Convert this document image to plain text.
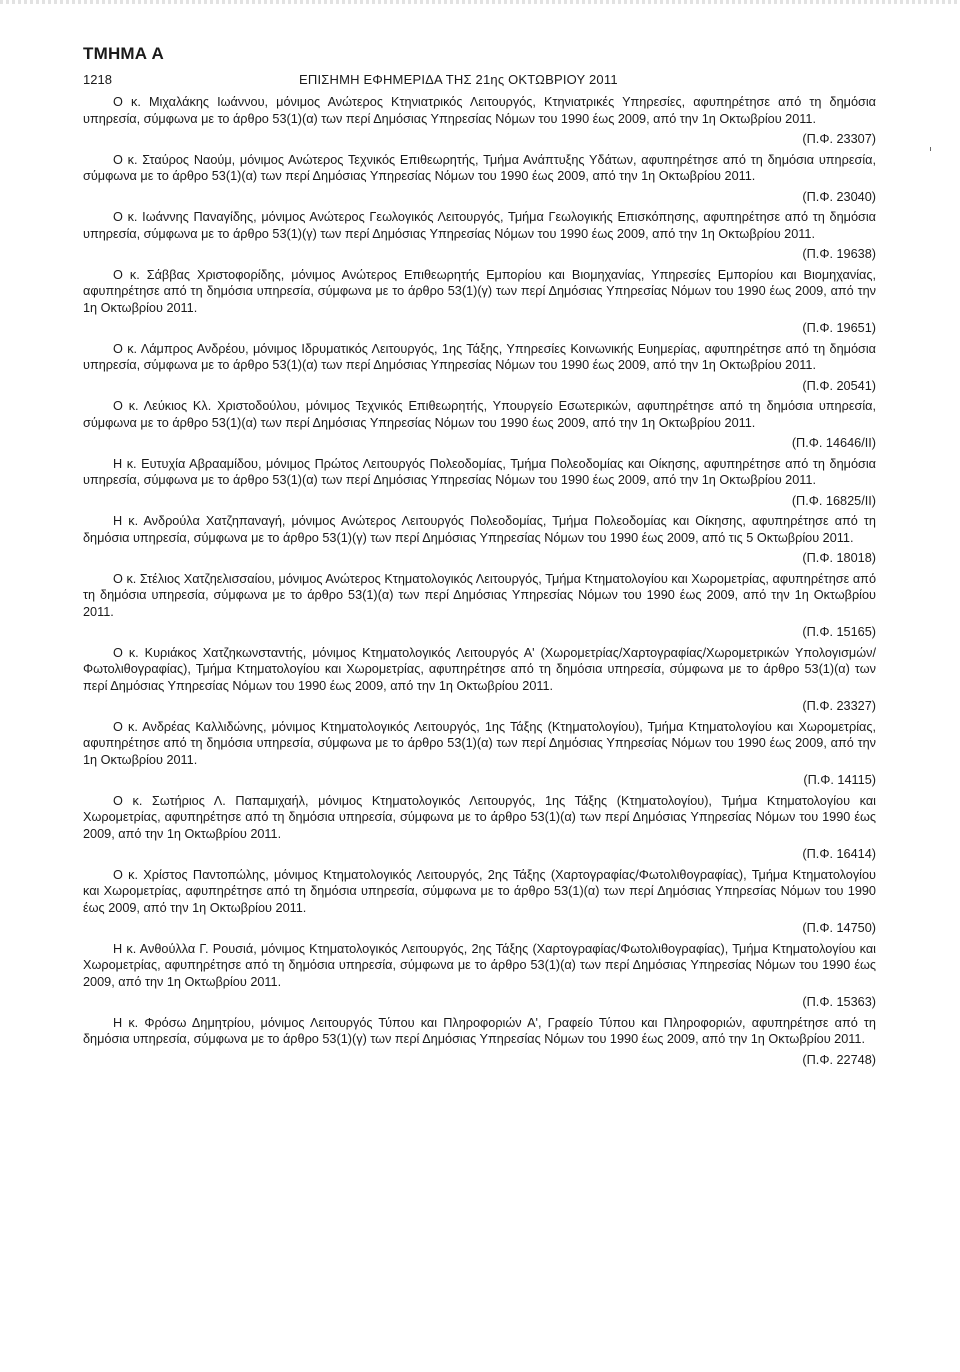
ΤΜΗΜΑ Α
1218	ΕΠΙΣΗΜΗ ΕΦΗΜΕΡΙΔΑ ΤΗΣ 21ης ΟΚΤΩΒΡΙΟΥ 2011

Ο κ. Μιχαλάκης Ιωάννου, μόνιμος Ανώτερος Κτηνιατρικός Λειτουργός, Κτηνιατρικές Υπηρεσίες, αφυπηρέτησε από τη δημόσια υπηρεσία, σύμφωνα με το άρθρο 53(1)(α) των περί Δημόσιας Υπηρεσίας Νόμων του 1990 έως 2009, από την 1η Οκτωβρίου 2011.

(Π.Φ. 23307)

Ο κ. Σταύρος Ναούμ, μόνιμος Ανώτερος Τεχνικός Επιθεωρητής, Τμήμα Ανάπτυξης Υδάτων, αφυπηρέτησε από τη δημόσια υπηρεσία, σύμφωνα με το άρθρο 53(1)(α) των περί Δημόσιας Υπηρεσίας Νόμων του 1990 έως 2009, από την 1η Οκτωβρίου 2011.

(Π.Φ. 23040)

Ο κ. Ιωάννης Παναγίδης, μόνιμος Ανώτερος Γεωλογικός Λειτουργός, Τμήμα Γεωλογικής Επισκόπησης, αφυπηρέτησε από τη δημόσια υπηρεσία, σύμφωνα με το άρθρο 53(1)(γ) των περί Δημόσιας Υπηρεσίας Νόμων του 1990 έως 2009, από την 1η Οκτωβρίου 2011.

(Π.Φ. 19638)

Ο κ. Σάββας Χριστοφορίδης, μόνιμος Ανώτερος Επιθεωρητής Εμπορίου και Βιομηχανίας, Υπηρεσίες Εμπορίου και Βιομηχανίας, αφυπηρέτησε από τη δημόσια υπηρεσία, σύμφωνα με το άρθρο 53(1)(γ) των περί Δημόσιας Υπηρεσίας Νόμων του 1990 έως 2009, από την 1η Οκτωβρίου 2011.

(Π.Φ. 19651)

Ο κ. Λάμπρος Ανδρέου, μόνιμος Ιδρυματικός Λειτουργός, 1ης Τάξης, Υπηρεσίες Κοινωνικής Ευημερίας, αφυπηρέτησε από τη δημόσια υπηρεσία, σύμφωνα με το άρθρο 53(1)(α) των περί Δημόσιας Υπηρεσίας Νόμων του 1990 έως 2009, από την 1η Οκτωβρίου 2011.

(Π.Φ. 20541)

Ο κ. Λεύκιος Κλ. Χριστοδούλου, μόνιμος Τεχνικός Επιθεωρητής, Υπουργείο Εσωτερικών, αφυπηρέτησε από τη δημόσια υπηρεσία, σύμφωνα με το άρθρο 53(1)(α) των περί Δημόσιας Υπηρεσίας Νόμων του 1990 έως 2009, από την 1η Οκτωβρίου 2011.

(Π.Φ. 14646/ΙΙ)

Η κ. Ευτυχία Αβρααμίδου, μόνιμος Πρώτος Λειτουργός Πολεοδομίας, Τμήμα Πολεοδομίας και Οίκησης, αφυπηρέτησε από τη δημόσια υπηρεσία, σύμφωνα με το άρθρο 53(1)(α) των περί Δημόσιας Υπηρεσίας Νόμων του 1990 έως 2009, από την 1η Οκτωβρίου 2011.

(Π.Φ. 16825/ΙΙ)

Η κ. Ανδρούλα Χατζηπαναγή, μόνιμος Ανώτερος Λειτουργός Πολεοδομίας, Τμήμα Πολεοδομίας και Οίκησης, αφυπηρέτησε από τη δημόσια υπηρεσία, σύμφωνα με το άρθρο 53(1)(γ) των περί Δημόσιας Υπηρεσίας Νόμων του 1990 έως 2009, από τις 5 Οκτωβρίου 2011.

(Π.Φ. 18018)

Ο κ. Στέλιος Χατζηελισσαίου, μόνιμος Ανώτερος Κτηματολογικός Λειτουργός, Τμήμα Κτηματολογίου και Χωρομετρίας, αφυπηρέτησε από τη δημόσια υπηρεσία, σύμφωνα με το άρθρο 53(1)(α) των περί Δημόσιας Υπηρεσίας Νόμων του 1990 έως 2009, από την 1η Οκτωβρίου 2011.

(Π.Φ. 15165)

Ο κ. Κυριάκος Χατζηκωνσταντής, μόνιμος Κτηματολογικός Λειτουργός Α' (Χωρομετρίας/Χαρτογραφίας/Χωρομετρικών Υπολογισμών/Φωτολιθογραφίας), Τμήμα Κτηματολογίου και Χωρομετρίας, αφυπηρέτησε από τη δημόσια υπηρεσία, σύμφωνα με το άρθρο 53(1)(α) των περί Δημόσιας Υπηρεσίας Νόμων του 1990 έως 2009, από την 1η Οκτωβρίου 2011.

(Π.Φ. 23327)

Ο κ. Ανδρέας Καλλιδώνης, μόνιμος Κτηματολογικός Λειτουργός, 1ης Τάξης (Κτηματολογίου), Τμήμα Κτηματολογίου και Χωρομετρίας, αφυπηρέτησε από τη δημόσια υπηρεσία, σύμφωνα με το άρθρο 53(1)(α) των περί Δημόσιας Υπηρεσίας Νόμων του 1990 έως 2009, από την 1η Οκτωβρίου 2011.

(Π.Φ. 14115)

Ο κ. Σωτήριος Λ. Παπαμιχαήλ, μόνιμος Κτηματολογικός Λειτουργός, 1ης Τάξης (Κτηματολογίου), Τμήμα Κτηματολογίου και Χωρομετρίας, αφυπηρέτησε από τη δημόσια υπηρεσία, σύμφωνα με το άρθρο 53(1)(α) των περί Δημόσιας Υπηρεσίας Νόμων του 1990 έως 2009, από την 1η Οκτωβρίου 2011.

(Π.Φ. 16414)

Ο κ. Χρίστος Παντοπώλης, μόνιμος Κτηματολογικός Λειτουργός, 2ης Τάξης (Χαρτογραφίας/Φωτολιθογραφίας), Τμήμα Κτηματολογίου και Χωρομετρίας, αφυπηρέτησε από τη δημόσια υπηρεσία, σύμφωνα με το άρθρο 53(1)(α) των περί Δημόσιας Υπηρεσίας Νόμων του 1990 έως 2009, από την 1η Οκτωβρίου 2011.

(Π.Φ. 14750)

Η κ. Ανθούλλα Γ. Ρουσιά, μόνιμος Κτηματολογικός Λειτουργός, 2ης Τάξης (Χαρτογραφίας/Φωτολιθογραφίας), Τμήμα Κτηματολογίου και Χωρομετρίας, αφυπηρέτησε από τη δημόσια υπηρεσία, σύμφωνα με το άρθρο 53(1)(α) των περί Δημόσιας Υπηρεσίας Νόμων του 1990 έως 2009, από την 1η Οκτωβρίου 2011.

(Π.Φ. 15363)

Η κ. Φρόσω Δημητρίου, μόνιμος Λειτουργός Τύπου και Πληροφοριών Α', Γραφείο Τύπου και Πληροφοριών, αφυπηρέτησε από τη δημόσια υπηρεσία, σύμφωνα με το άρθρο 53(1)(γ) των περί Δημόσιας Υπηρεσίας Νόμων του 1990 έως 2009, από την 1η Οκτωβρίου 2011.

(Π.Φ. 22748)
